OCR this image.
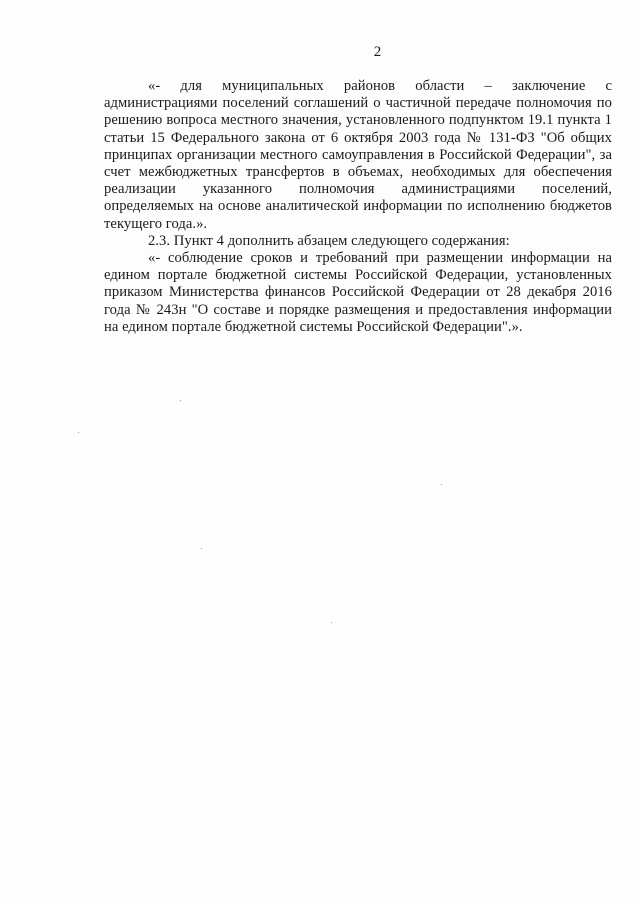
2

«- для муниципальных районов области – заключение с администрациями поселений соглашений о частичной передаче полномочия по решению вопроса местного значения, установленного подпунктом 19.1 пункта 1 статьи 15 Федерального закона от 6 октября 2003 года № 131-ФЗ "Об общих принципах организации местного самоуправления в Российской Федерации", за счет межбюджетных трансфертов в объемах, необходимых для обеспечения реализации указанного полномочия администрациями поселений, определяемых на основе аналитической информации по исполнению бюджетов текущего года.».

2.3. Пункт 4 дополнить абзацем следующего содержания:

«- соблюдение сроков и требований при размещении информации на едином портале бюджетной системы Российской Федерации, установленных приказом Министерства финансов Российской Федерации от 28 декабря 2016 года № 243н "О составе и порядке размещения и предоставления информации на едином портале бюджетной системы Российской Федерации".».
